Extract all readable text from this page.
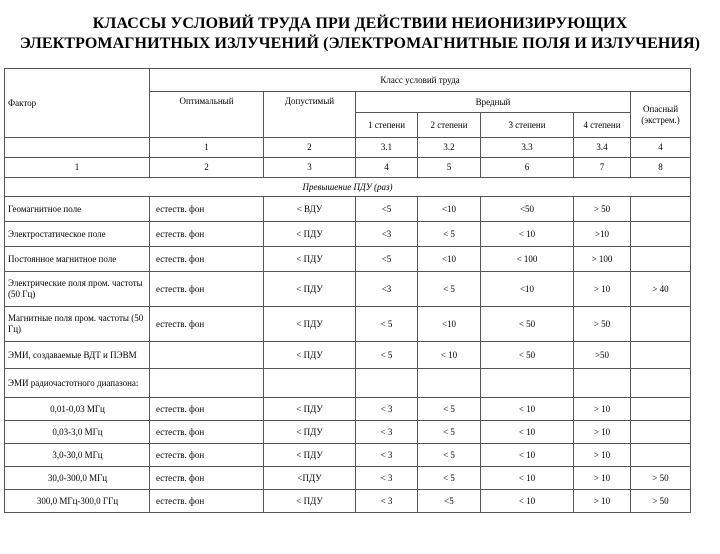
КЛАССЫ УСЛОВИЙ ТРУДА ПРИ ДЕЙСТВИИ НЕИОНИЗИРУЮЩИХ
ЭЛЕКТРОМАГНИТНЫХ ИЗЛУЧЕНИЙ (ЭЛЕКТРОМАГНИТНЫЕ ПОЛЯ И ИЗЛУЧЕНИЯ)
Фактор	Класс условий труда						
	Оптимальный	Допустимый	Вредный				Опасный (экстрем.)
			1 степени	2 степени	3 степени	4 степени	
	1	2	3.1	3.2	3.3	3.4	4
1	2	3	4	5	6	7	8
Превышение ПДУ (раз)							
Геомагнитное поле	естеств. фон	< ВДУ	<5	<10	<50	> 50	
Электростатическое поле	естеств. фон	< ПДУ	<3	< 5	< 10	>10	
Постоянное магнитное поле	естеств. фон	< ПДУ	<5	<10	< 100	> 100	
Электрические поля пром. частоты (50 Гц)	естеств. фон	< ПДУ	<3	< 5	<10	> 10	> 40
Магнитные поля пром. частоты (50 Гц)	естеств. фон	< ПДУ	< 5	<10	< 50	> 50	
ЭМИ, создаваемые ВДТ и ПЭВМ		< ПДУ	< 5	< 10	< 50	>50	
ЭМИ радиочастотного диапазона:							
0,01-0,03 МГц	естеств. фон	< ПДУ	< 3	< 5	< 10	> 10	
0,03-3,0 МГц	естеств. фон	< ПДУ	< 3	< 5	< 10	> 10	
3,0-30,0 МГц	естеств. фон	< ПДУ	< 3	< 5	< 10	> 10	
30,0-300,0 МГц	естеств. фон	<ПДУ	< 3	< 5	< 10	> 10	> 50
300,0 МГц-300,0 ГГц	естеств. фон	< ПДУ	< 3	<5	< 10	> 10	> 50
